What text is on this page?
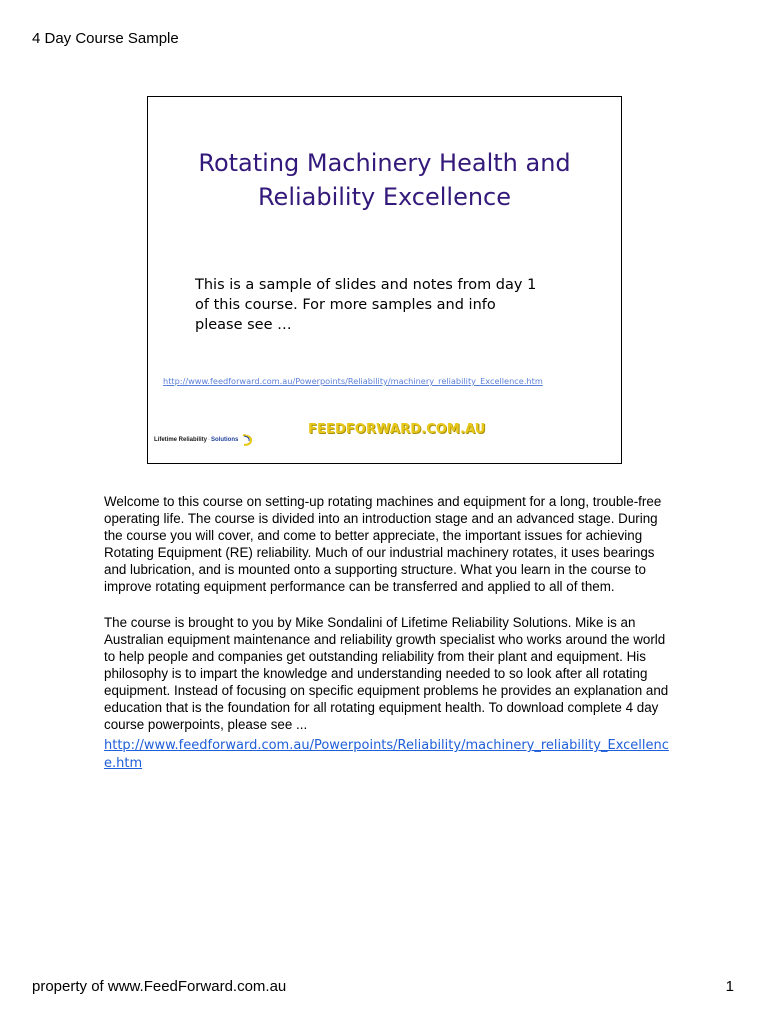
4 Day Course Sample
Rotating Machinery Health and
Reliability Excellence
This is a sample of slides and notes from day 1
of this course. For more samples and info
please see …
http://www.feedforward.com.au/Powerpoints/Reliability/machinery_reliability_Excellence.htm
Lifetime Reliability · Solutions
FEEDFORWARD.COM.AU

Welcome to this course on setting-up rotating machines and equipment for a long, trouble-free operating life. The course is divided into an introduction stage and an advanced stage. During the course you will cover, and come to better appreciate, the important issues for achieving Rotating Equipment (RE) reliability. Much of our industrial machinery rotates, it uses bearings and lubrication, and is mounted onto a supporting structure. What you learn in the course to improve rotating equipment performance can be transferred and applied to all of them.

The course is brought to you by Mike Sondalini of Lifetime Reliability Solutions. Mike is an Australian equipment maintenance and reliability growth specialist who works around the world to help people and companies get outstanding reliability from their plant and equipment. His philosophy is to impart the knowledge and understanding needed to so look after all rotating equipment. Instead of focusing on specific equipment problems he provides an explanation and education that is the foundation for all rotating equipment health. To download complete 4 day course powerpoints, please see ...

http://www.feedforward.com.au/Powerpoints/Reliability/machinery_reliability_Excellence.htm
property of www.FeedForward.com.au	1
